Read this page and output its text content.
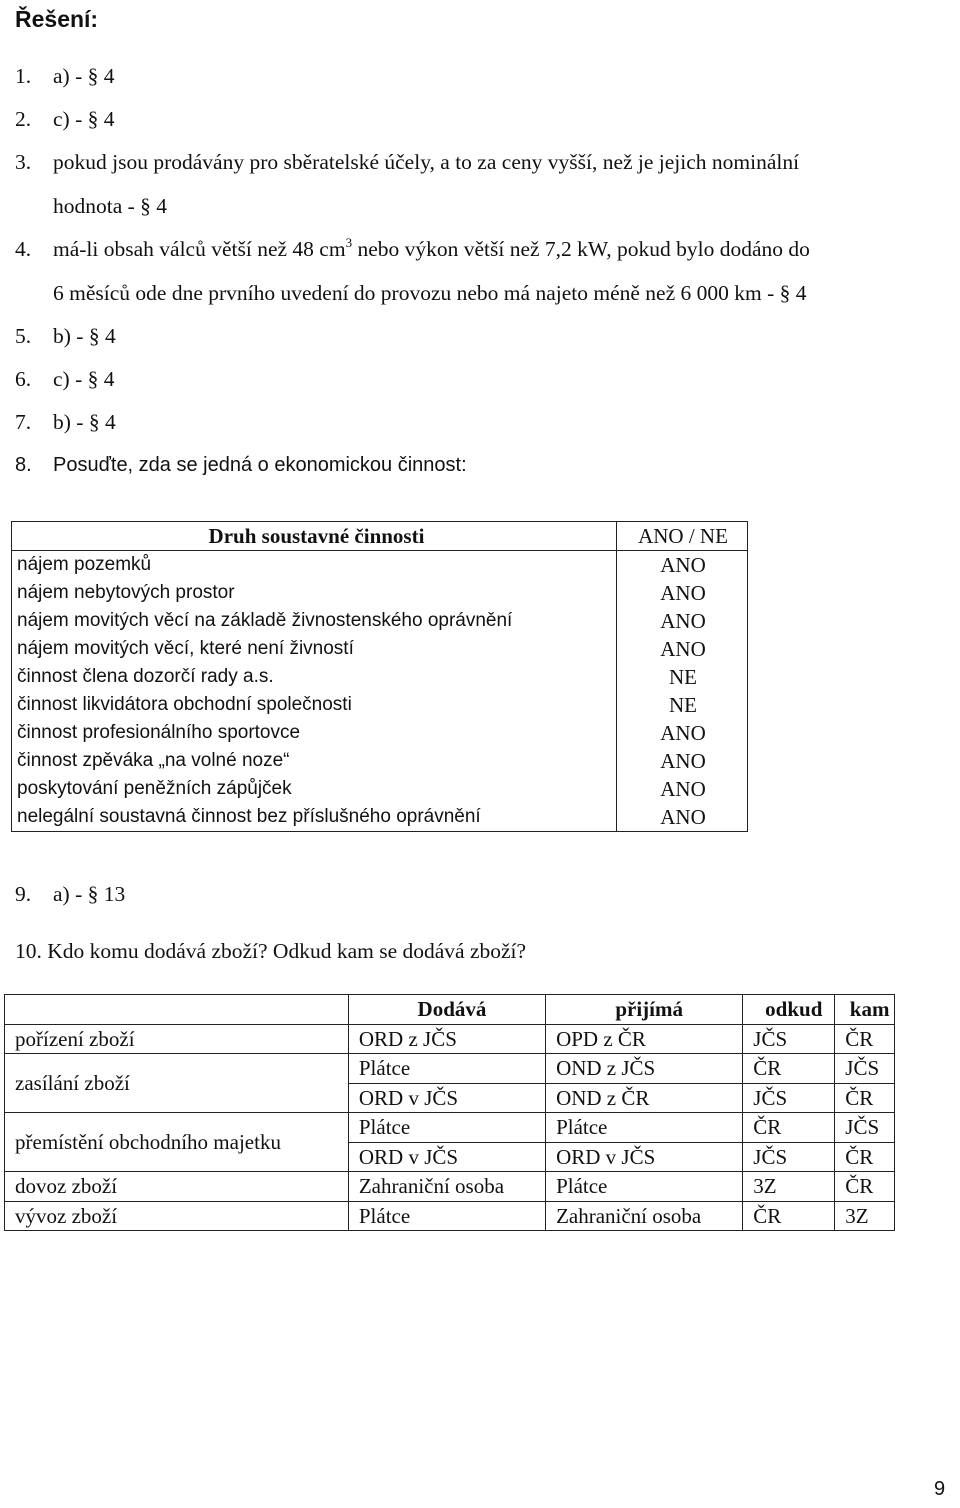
Řešení:
1. a) - § 4
2. c) - § 4
3. pokud jsou prodávány pro sběratelské účely, a to za ceny vyšší, než je jejich nominální
hodnota - § 4
4. má-li obsah válců větší než 48 $cm^3$ nebo výkon větší než 7,2 kW, pokud bylo dodáno do
6 měsíců ode dne prvního uvedení do provozu nebo má najeto méně než 6 000 km - § 4
5. b) - § 4
6. c) - § 4
7. b) - § 4
8. Posuďte, zda se jedná o ekonomickou činnost:
Druh soustavné činnosti	ANO / NE
nájem pozemků	ANO
nájem nebytových prostor	ANO
nájem movitých věcí na základě živnostenského oprávnění	ANO
nájem movitých věcí, které není živností	ANO
činnost člena dozorčí rady a.s.	NE
činnost likvidátora obchodní společnosti	NE
činnost profesionálního sportovce	ANO
činnost zpěváka „na volné noze“	ANO
poskytování peněžních zápůjček	ANO
nelegální soustavná činnost bez příslušného oprávnění	ANO
9. a) - § 13
10. Kdo komu dodává zboží? Odkud kam se dodává zboží?
	Dodává	přijímá	odkud	kam
pořízení zboží	ORD z JČS	OPD z ČR	JČS	ČR
zasílání zboží	Plátce	OND z JČS	ČR	JČS
	ORD v JČS	OND z ČR	JČS	ČR
přemístění obchodního majetku	Plátce	Plátce	ČR	JČS
	ORD v JČS	ORD v JČS	JČS	ČR
dovoz zboží	Zahraniční osoba	Plátce	3Z	ČR
vývoz zboží	Plátce	Zahraniční osoba	ČR	3Z
9
